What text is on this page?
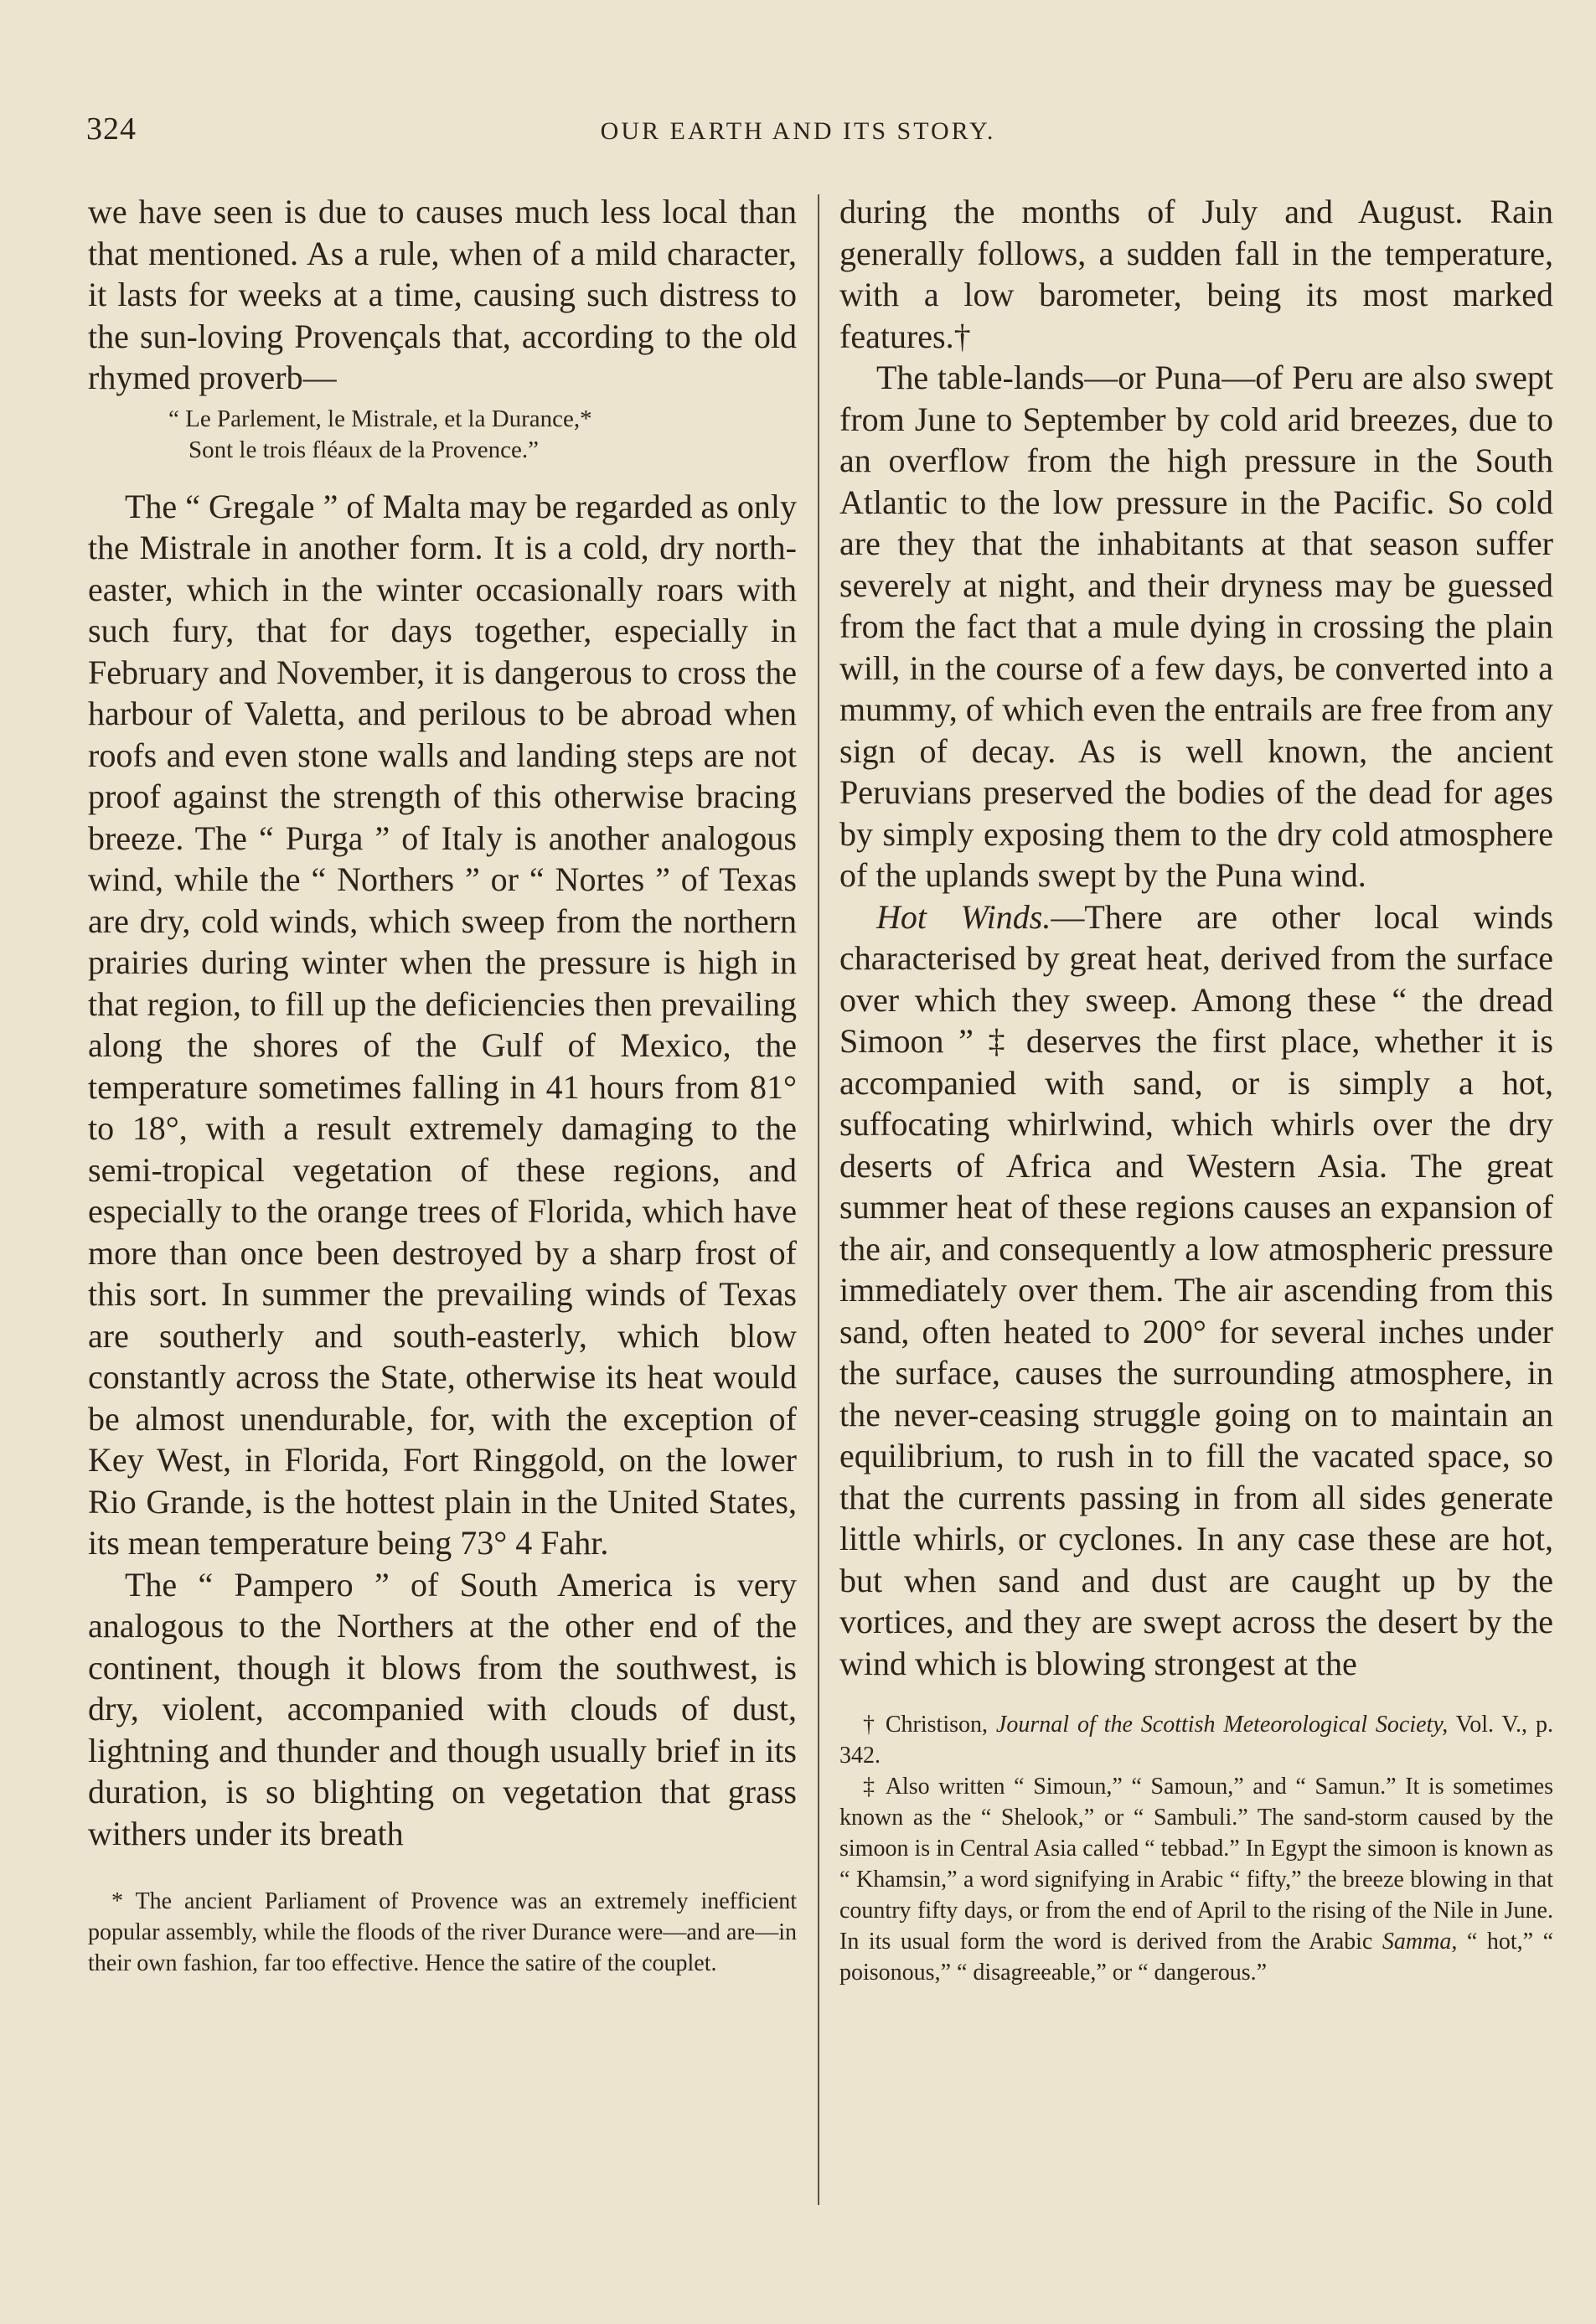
324	OUR EARTH AND ITS STORY.

we have seen is due to causes much less local than that mentioned. As a rule, when of a mild character, it lasts for weeks at a time, causing such distress to the sun-loving Provençals that, according to the old rhymed proverb—

“ Le Parlement, le Mistrale, et la Durance,*
Sont le trois fléaux de la Provence.”

The “ Gregale ” of Malta may be regarded as only the Mistrale in another form. It is a cold, dry north-easter, which in the winter occasionally roars with such fury, that for days together, especially in February and November, it is dangerous to cross the harbour of Valetta, and perilous to be abroad when roofs and even stone walls and landing steps are not proof against the strength of this otherwise bracing breeze. The “ Purga ” of Italy is another analogous wind, while the “ Northers ” or “ Nortes ” of Texas are dry, cold winds, which sweep from the northern prairies during winter when the pressure is high in that region, to fill up the deficiencies then prevailing along the shores of the Gulf of Mexico, the temperature sometimes falling in 41 hours from 81° to 18°, with a result extremely damaging to the semi-tropical vegetation of these regions, and especially to the orange trees of Florida, which have more than once been destroyed by a sharp frost of this sort. In summer the prevailing winds of Texas are southerly and south-easterly, which blow constantly across the State, otherwise its heat would be almost unendurable, for, with the exception of Key West, in Florida, Fort Ringgold, on the lower Rio Grande, is the hottest plain in the United States, its mean temperature being 73° 4 Fahr.

The “ Pampero ” of South America is very analogous to the Northers at the other end of the continent, though it blows from the southwest, is dry, violent, accompanied with clouds of dust, lightning and thunder and though usually brief in its duration, is so blighting on vegetation that grass withers under its breath

* The ancient Parliament of Provence was an extremely inefficient popular assembly, while the floods of the river Durance were—and are—in their own fashion, far too effective. Hence the satire of the couplet.

during the months of July and August. Rain generally follows, a sudden fall in the temperature, with a low barometer, being its most marked features.†

The table-lands—or Puna—of Peru are also swept from June to September by cold arid breezes, due to an overflow from the high pressure in the South Atlantic to the low pressure in the Pacific. So cold are they that the inhabitants at that season suffer severely at night, and their dryness may be guessed from the fact that a mule dying in crossing the plain will, in the course of a few days, be converted into a mummy, of which even the entrails are free from any sign of decay. As is well known, the ancient Peruvians preserved the bodies of the dead for ages by simply exposing them to the dry cold atmosphere of the uplands swept by the Puna wind.

Hot Winds.—There are other local winds characterised by great heat, derived from the surface over which they sweep. Among these “ the dread Simoon ” ‡ deserves the first place, whether it is accompanied with sand, or is simply a hot, suffocating whirlwind, which whirls over the dry deserts of Africa and Western Asia. The great summer heat of these regions causes an expansion of the air, and consequently a low atmospheric pressure immediately over them. The air ascending from this sand, often heated to 200° for several inches under the surface, causes the surrounding atmosphere, in the never-ceasing struggle going on to maintain an equilibrium, to rush in to fill the vacated space, so that the currents passing in from all sides generate little whirls, or cyclones. In any case these are hot, but when sand and dust are caught up by the vortices, and they are swept across the desert by the wind which is blowing strongest at the

† Christison, Journal of the Scottish Meteorological Society, Vol. V., p. 342.

‡ Also written “ Simoun,” “ Samoun,” and “ Samun.” It is sometimes known as the “ Shelook,” or “ Sambuli.” The sand-storm caused by the simoon is in Central Asia called “ tebbad.” In Egypt the simoon is known as “ Khamsin,” a word signifying in Arabic “ fifty,” the breeze blowing in that country fifty days, or from the end of April to the rising of the Nile in June. In its usual form the word is derived from the Arabic Samma, “ hot,” “ poisonous,” “ disagreeable,” or “ dangerous.”
